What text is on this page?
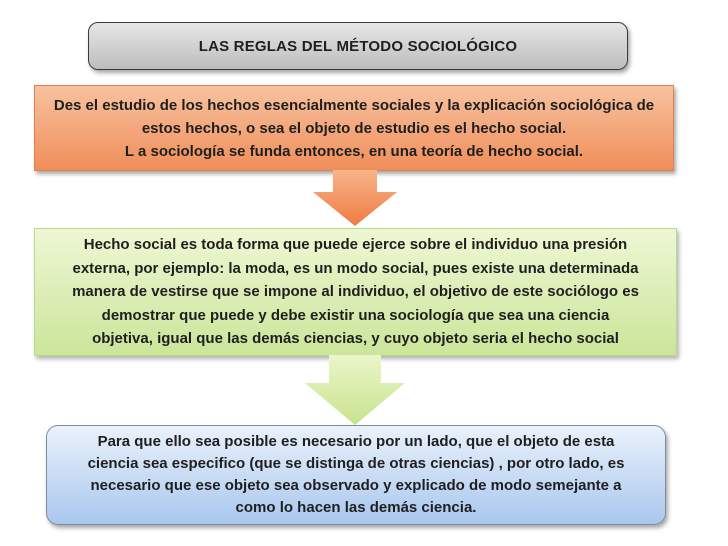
LAS REGLAS DEL MÉTODO SOCIOLÓGICO
Des el estudio de los hechos esencialmente sociales y la explicación sociológica de
estos hechos, o sea el objeto de estudio es el hecho social.
L a sociología se funda entonces, en una teoría de hecho social.
Hecho social es toda forma que puede ejerce sobre el individuo una presión
externa, por ejemplo: la moda, es un modo social, pues existe una determinada
manera de vestirse que se impone al individuo, el objetivo de este sociólogo es
demostrar que puede y debe existir una sociología que sea una ciencia
objetiva, igual que las demás ciencias, y cuyo objeto seria el hecho social
Para que ello sea posible es necesario por un lado, que el objeto de esta
ciencia sea especifico (que se distinga de otras ciencias) , por otro lado, es
necesario que ese objeto sea observado y explicado de modo semejante a
como lo hacen las demás ciencia.
